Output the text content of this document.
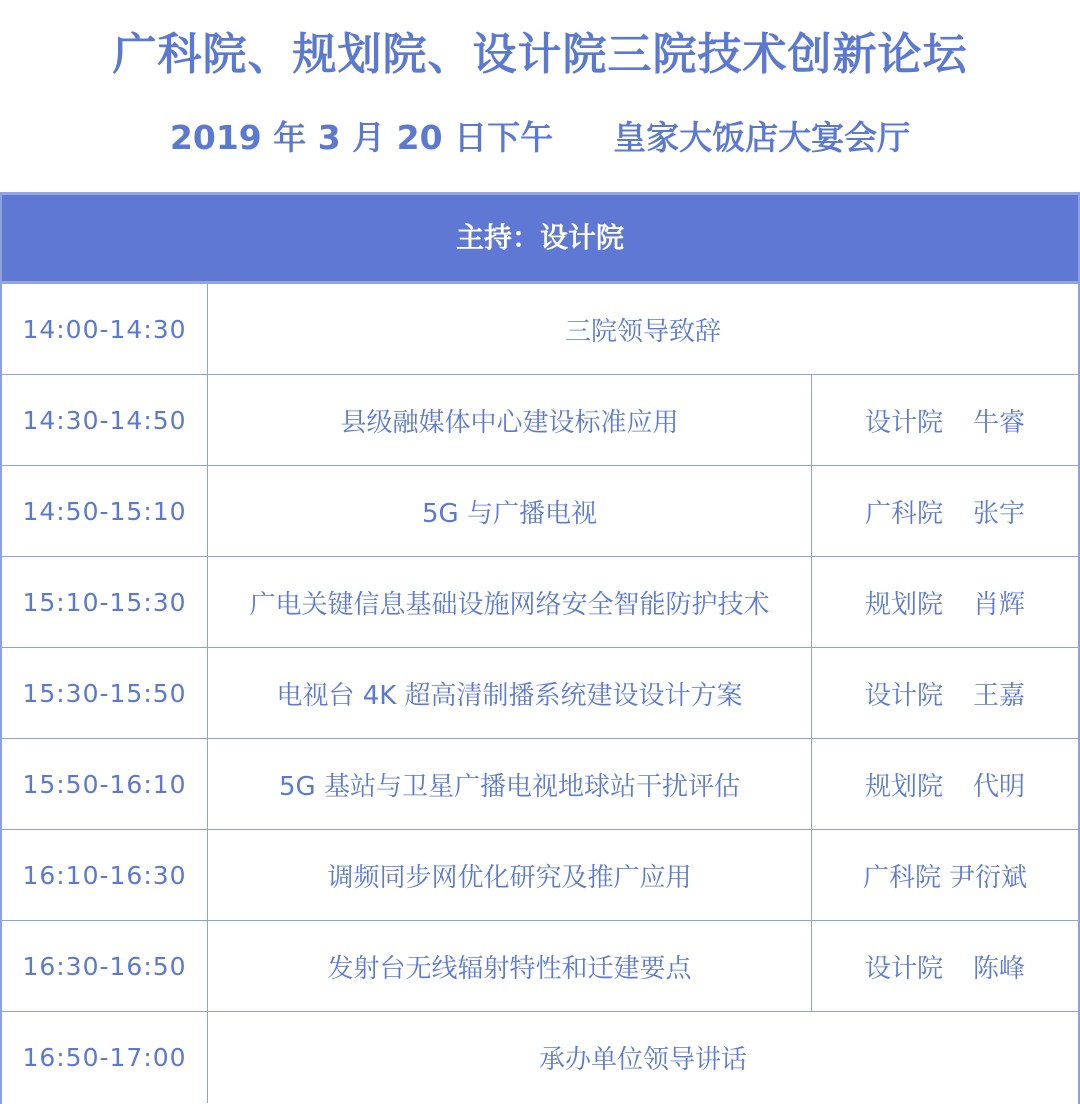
广科院、规划院、设计院三院技术创新论坛
2019 年 3 月 20 日下午 皇家大饭店大宴会厅
主持：设计院
14:00-14:30	三院领导致辞
14:30-14:50	县级融媒体中心建设标准应用	设计院 牛睿
14:50-15:10	5G 与广播电视	广科院 张宇
15:10-15:30	广电关键信息基础设施网络安全智能防护技术	规划院 肖辉
15:30-15:50	电视台 4K 超高清制播系统建设设计方案	设计院 王嘉
15:50-16:10	5G 基站与卫星广播电视地球站干扰评估	规划院 代明
16:10-16:30	调频同步网优化研究及推广应用	广科院 尹衍斌
16:30-16:50	发射台无线辐射特性和迁建要点	设计院 陈峰
16:50-17:00	承办单位领导讲话
